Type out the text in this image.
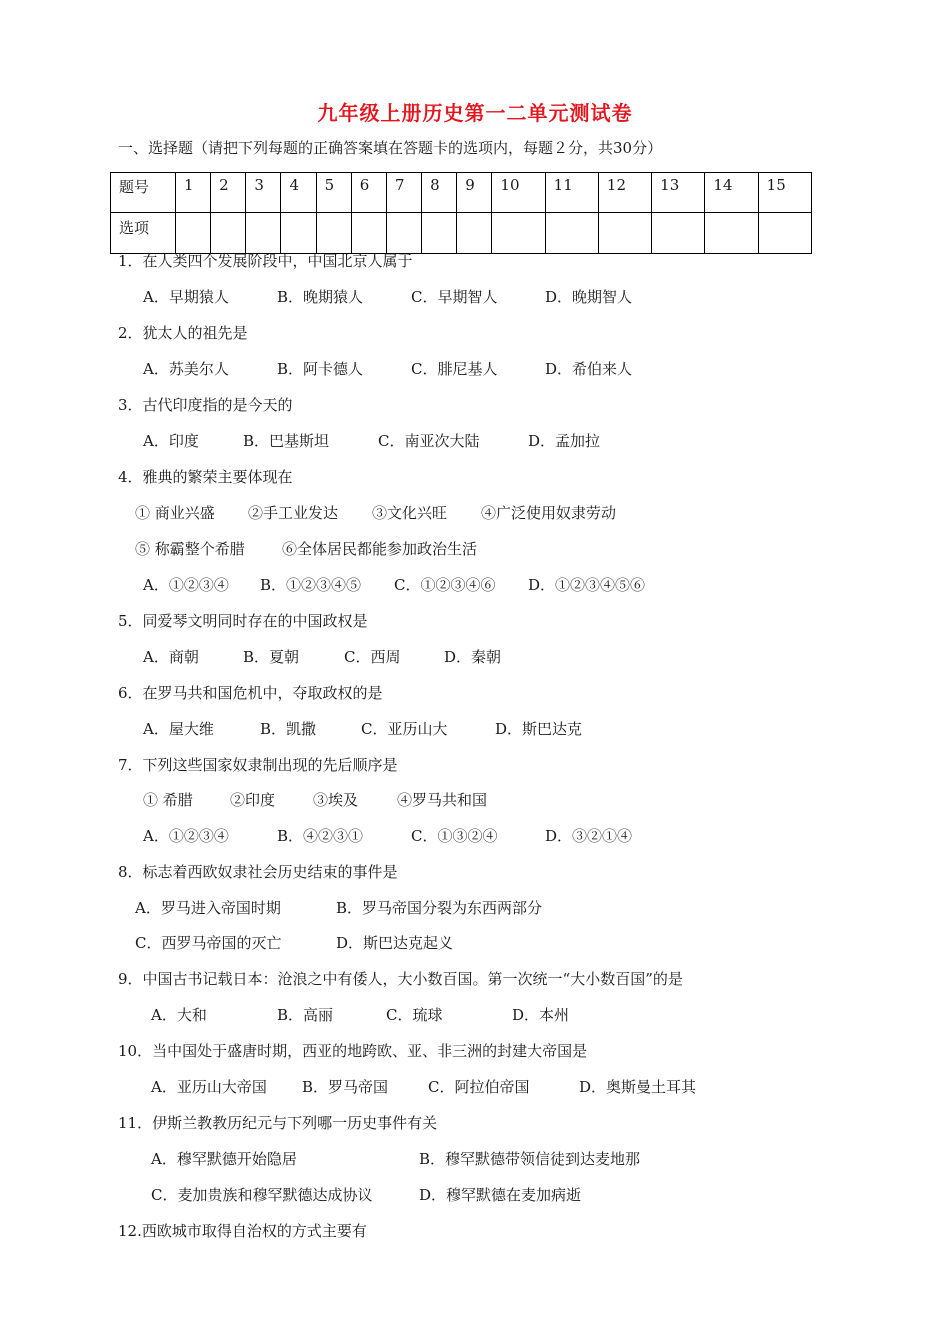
九年级上册历史第一二单元测试卷
一、选择题（请把下列每题的正确答案填在答题卡的选项内，每题２分，共30分）
题号	1	2	3	4	5	6	7	8	9	10	11	12	13	14	15
选项															
1．在人类四个发展阶段中，中国北京人属于
A．早期猿人	B．晚期猿人	C．早期智人	D．晚期智人
2．犹太人的祖先是
A．苏美尔人	B．阿卡德人	C．腓尼基人	D．希伯来人
3．古代印度指的是今天的
A．印度	B．巴基斯坦	C．南亚次大陆	D．孟加拉
4．雅典的繁荣主要体现在
① 商业兴盛 ②手工业发达 ③文化兴旺 ④广泛使用奴隶劳动
⑤ 称霸整个希腊 ⑥全体居民都能参加政治生活
A．①②③④ B．①②③④⑤ C．①②③④⑥ D．①②③④⑤⑥
5．同爱琴文明同时存在的中国政权是
A．商朝	B．夏朝	C．西周	D．秦朝
6．在罗马共和国危机中，夺取政权的是
A．屋大维	B．凯撒	C．亚历山大	D．斯巴达克
7．下列这些国家奴隶制出现的先后顺序是
① 希腊 ②印度	③埃及	④罗马共和国
A．①②③④	B．④②③①	C．①③②④	D．③②①④
8．标志着西欧奴隶社会历史结束的事件是
A．罗马进入帝国时期	B．罗马帝国分裂为东西两部分
C．西罗马帝国的灭亡	D．斯巴达克起义
9．中国古书记载日本：沧浪之中有倭人，大小数百国。第一次统一“大小数百国”的是
A．大和	B．高丽	C．琉球	D．本州
10．当中国处于盛唐时期，西亚的地跨欧、亚、非三洲的封建大帝国是
A．亚历山大帝国 B．罗马帝国	C．阿拉伯帝国	D．奥斯曼土耳其
11．伊斯兰教教历纪元与下列哪一历史事件有关
A．穆罕默德开始隐居	B．穆罕默德带领信徒到达麦地那
C．麦加贵族和穆罕默德达成协议	D．穆罕默德在麦加病逝
12.西欧城市取得自治权的方式主要有
